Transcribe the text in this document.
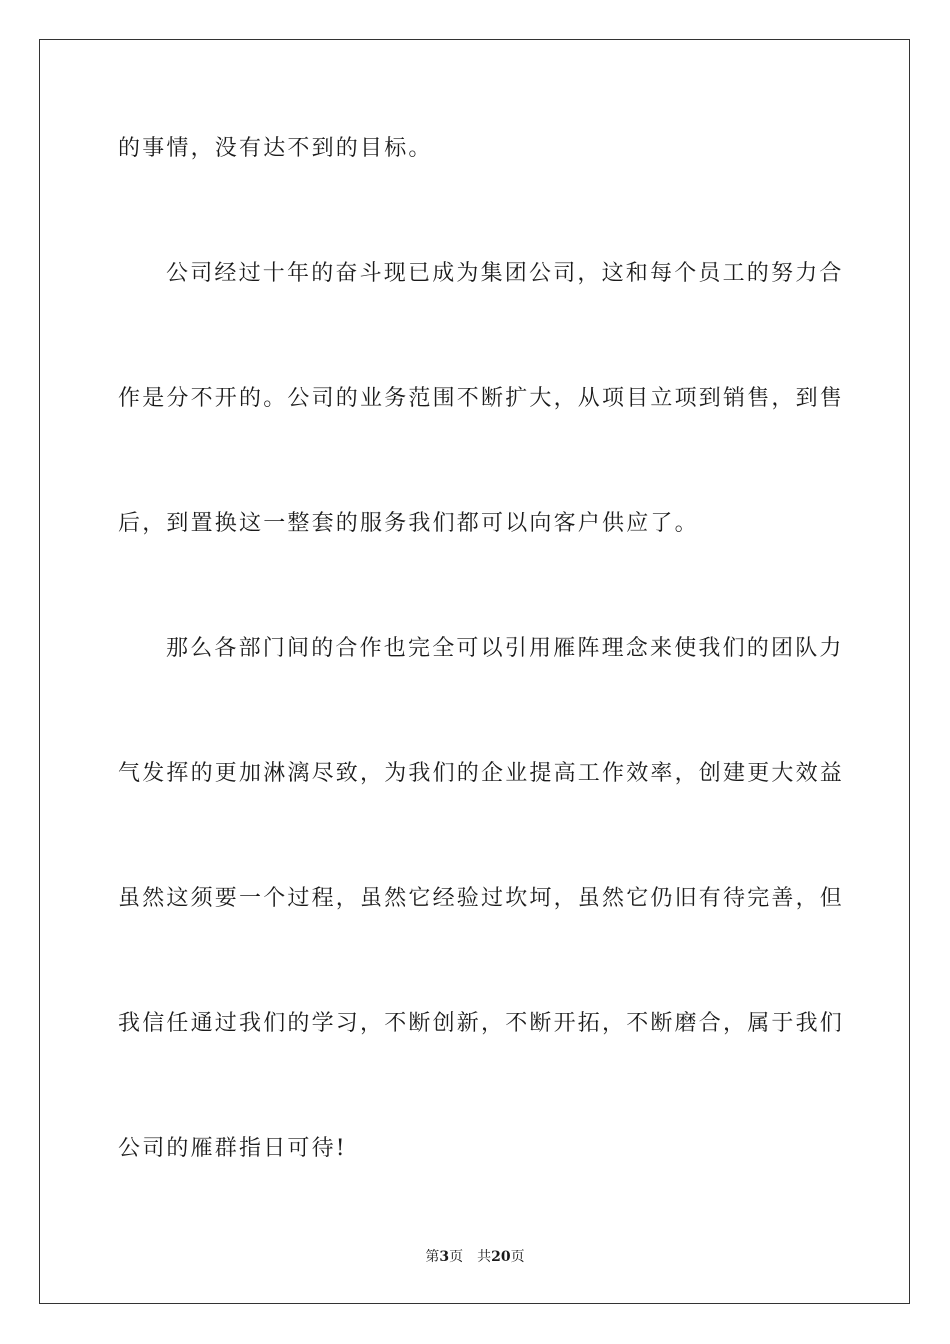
的事情，没有达不到的目标。
公司经过十年的奋斗现已成为集团公司，这和每个员工的努力合
作是分不开的。公司的业务范围不断扩大，从项目立项到销售，到售
后，到置换这一整套的服务我们都可以向客户供应了。
那么各部门间的合作也完全可以引用雁阵理念来使我们的团队力
气发挥的更加淋漓尽致，为我们的企业提高工作效率，创建更大效益
虽然这须要一个过程，虽然它经验过坎坷，虽然它仍旧有待完善，但
我信任通过我们的学习，不断创新，不断开拓，不断磨合，属于我们
公司的雁群指日可待!
第3页 共20页
